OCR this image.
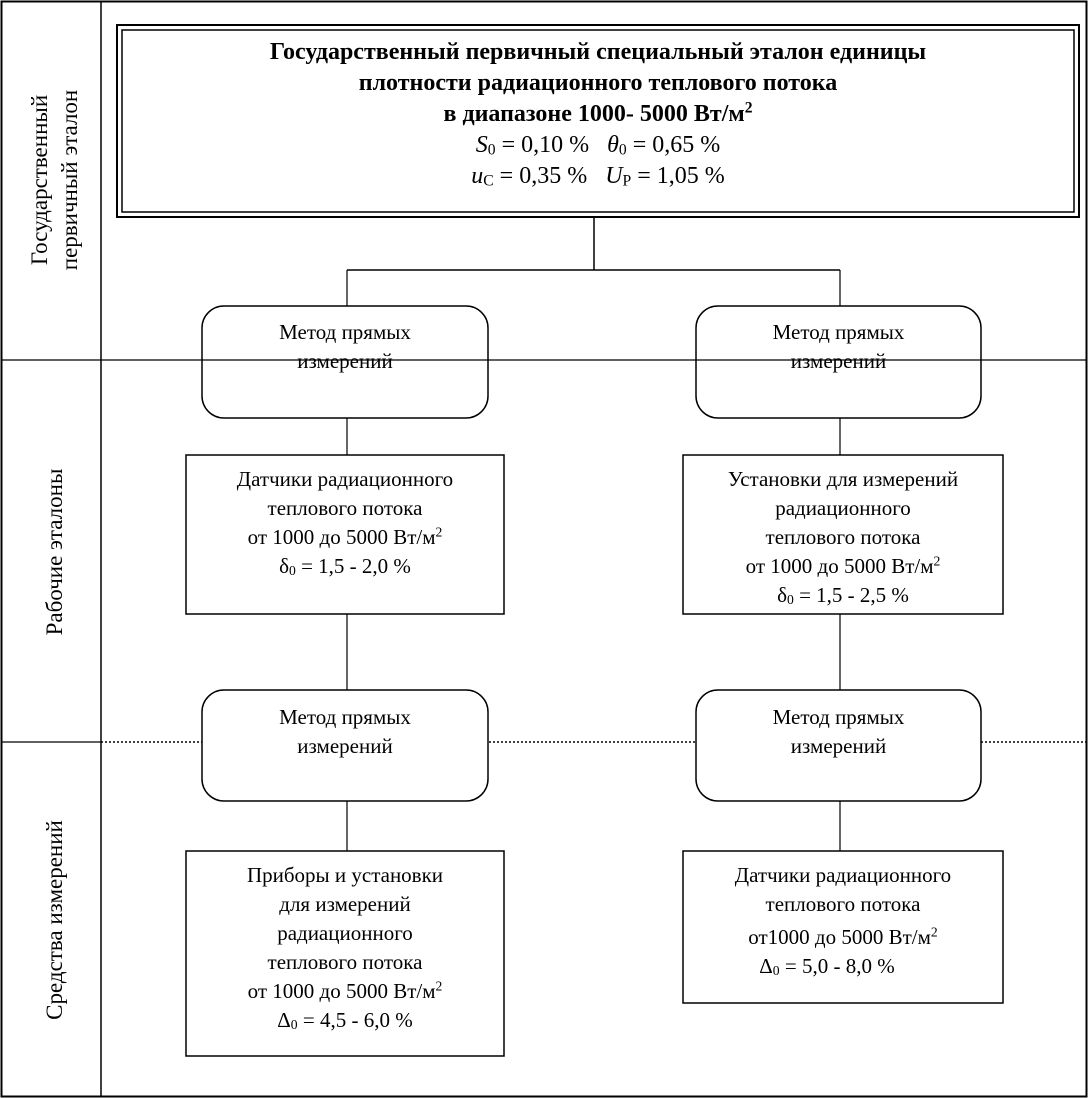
Государственный первичный эталон
Рабочие эталоны
Средства измерений
Государственный первичный специальный эталон единицы
плотности радиационного теплового потока
в диапазоне 1000- 5000 $Вт/м^2$
$S_0 = 0,10$ % $\theta_0 = 0,65$ %
$u_C = 0,35$ % $U_P = 1,05$ %
Метод прямых
измерений
Метод прямых
измерений
Датчики радиационного
теплового потока
от 1000 до 5000 $Вт/м^2$
$\delta_0 = 1,5 - 2,0$ %
Установки для измерений
радиационного
теплового потока
от 1000 до 5000 $Вт/м^2$
$\delta_0 = 1,5 - 2,5$ %
Метод прямых
измерений
Метод прямых
измерений
Приборы и установки
для измерений
радиационного
теплового потока
от 1000 до 5000 $Вт/м^2$
$\Delta_0 = 4,5 - 6,0$ %
Датчики радиационного
теплового потока
от1000 до 5000 $Вт/м^2$
$\Delta_0 = 5,0 - 8,0$ %
